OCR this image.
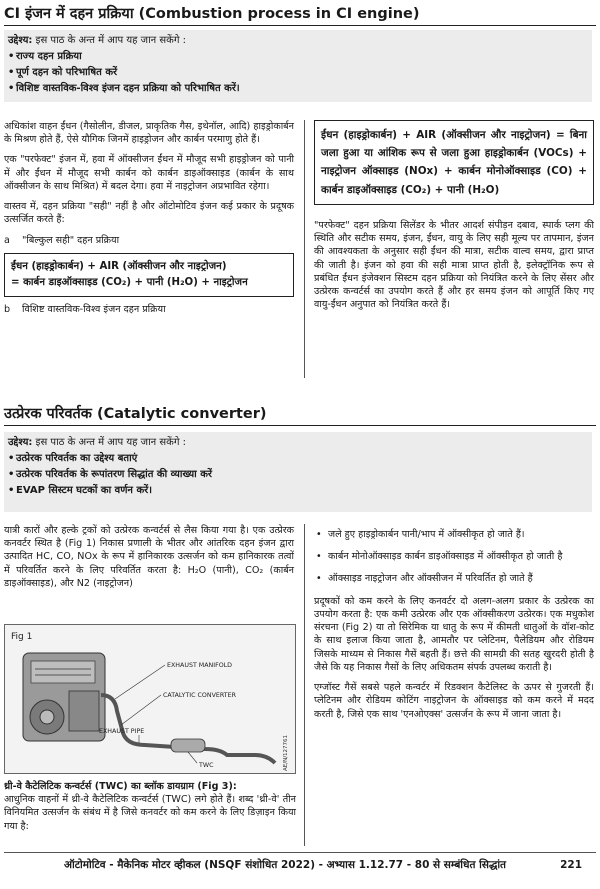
CI इंजन में दहन प्रक्रिया (Combustion process in CI engine)
उद्देश्य: इस पाठ के अन्त में आप यह जान सकेंगे :
• राज्य दहन प्रक्रिया
• पूर्ण दहन को परिभाषित करें
• विशिष्ट वास्तविक-विश्व इंजन दहन प्रक्रिया को परिभाषित करें।

अधिकांश वाहन ईंधन (गैसोलीन, डीजल, प्राकृतिक गैस, इथेनॉल, आदि) हाइड्रोकार्बन के मिश्रण होते हैं, ऐसे यौगिक जिनमें हाइड्रोजन और कार्बन परमाणु होते हैं।

एक "परफेक्ट" इंजन में, हवा में ऑक्सीजन ईंधन में मौजूद सभी हाइड्रोजन को पानी में और ईंधन में मौजूद सभी कार्बन को कार्बन डाइऑक्साइड (कार्बन के साथ ऑक्सीजन के साथ मिश्रित) में बदल देगा। हवा में नाइट्रोजन अप्रभावित रहेगा।

वास्तव में, दहन प्रक्रिया "सही" नहीं है और ऑटोमोटिव इंजन कई प्रकार के प्रदूषक उत्सर्जित करते हैं:

a "बिल्कुल सही" दहन प्रक्रिया
ईंधन (हाइड्रोकार्बन) + AIR (ऑक्सीजन और नाइट्रोजन)
= कार्बन डाइऑक्साइड (CO₂) + पानी (H₂O) + नाइट्रोजन
b विशिष्ट वास्तविक-विश्व इंजन दहन प्रक्रिया
ईंधन (हाइड्रोकार्बन) + AIR (ऑक्सीजन और नाइट्रोजन) = बिना जला हुआ या आंशिक रूप से जला हुआ हाइड्रोकार्बन (VOCs) + नाइट्रोजन ऑक्साइड (NOx) + कार्बन मोनोऑक्साइड (CO) + कार्बन डाइऑक्साइड (CO₂) + पानी (H₂O)

"परफेक्ट" दहन प्रक्रिया सिलेंडर के भीतर आदर्श संपीड़न दबाव, स्पार्क प्लग की स्थिति और सटीक समय, इंजन, ईंधन, वायु के लिए सही मूल्य पर तापमान, इंजन की आवश्यकता के अनुसार सही ईंधन की मात्रा, सटीक वाल्व समय, द्वारा प्राप्त की जाती है। इंजन को हवा की सही मात्रा प्राप्त होती है, इलेक्ट्रॉनिक रूप से प्रबंधित ईंधन इंजेक्शन सिस्टम दहन प्रक्रिया को नियंत्रित करने के लिए सेंसर और उत्प्रेरक कन्वर्टर्स का उपयोग करते हैं और हर समय इंजन को आपूर्ति किए गए वायु-ईंधन अनुपात को नियंत्रित करते हैं।

उत्प्रेरक परिवर्तक (Catalytic converter)
उद्देश्य: इस पाठ के अन्त में आप यह जान सकेंगे :
• उत्प्रेरक परिवर्तक का उद्देश्य बताएं
• उत्प्रेरक परिवर्तक के रूपांतरण सिद्धांत की व्याख्या करें
• EVAP सिस्टम घटकों का वर्णन करें।

यात्री कारों और हल्के ट्रकों को उत्प्रेरक कन्वर्टर्स से लैस किया गया है। एक उत्प्रेरक कनवर्टर स्थित है (Fig 1) निकास प्रणाली के भीतर और आंतरिक दहन इंजन द्वारा उत्पादित HC, CO, NOx के रूप में हानिकारक उत्सर्जन को कम हानिकारक तत्वों में परिवर्तित करने के लिए परिवर्तित करता है: H₂O (पानी), CO₂ (कार्बन डाइऑक्साइड), और N2 (नाइट्रोजन)

Fig 1
EXHAUST MANIFOLD
CATALYTIC CONVERTER
EXHAUST PIPE
TWC	AE/N/127761
थ्री-वे कैटेलिटिक कन्वर्टर्स (TWC) का ब्लॉक डायग्राम (Fig 3):

आधुनिक वाहनों में थ्री-वे कैटेलिटिक कन्वर्टर्स (TWC) लगे होते हैं। शब्द 'थ्री-वे' तीन विनियमित उत्सर्जन के संबंध में है जिसे कनवर्टर को कम करने के लिए डिज़ाइन किया गया है:

• जले हुए हाइड्रोकार्बन पानी/भाप में ऑक्सीकृत हो जाते हैं।
• कार्बन मोनोऑक्साइड कार्बन डाइऑक्साइड में ऑक्सीकृत हो जाती है
• ऑक्साइड नाइट्रोजन और ऑक्सीजन में परिवर्तित हो जाते हैं

प्रदूषकों को कम करने के लिए कनवर्टर दो अलग-अलग प्रकार के उत्प्रेरक का उपयोग करता है: एक कमी उत्प्रेरक और एक ऑक्सीकरण उत्प्रेरक। एक मधुकोश संरचना (Fig 2) या तो सिरेमिक या धातु के रूप में कीमती धातुओं के वॉश-कोट के साथ इलाज किया जाता है, आमतौर पर प्लेटिनम, पैलेडियम और रोडियम जिसके माध्यम से निकास गैसें बहती हैं। छत्ते की सामग्री की सतह खुरदरी होती है जैसे कि यह निकास गैसों के लिए अधिकतम संपर्क उपलब्ध कराती है।

एग्जॉस्ट गैसें सबसे पहले कन्वर्टर में रिडक्शन कैटेलिस्ट के ऊपर से गुजरती हैं। प्लेटिनम और रोडियम कोटिंग नाइट्रोजन के ऑक्साइड को कम करने में मदद करती है, जिसे एक साथ 'एनओएक्स' उत्सर्जन के रूप में जाना जाता है।

ऑटोमोटिव - मैकेनिक मोटर व्हीकल (NSQF संशोधित 2022) - अभ्यास 1.12.77 - 80 से सम्बंधित सिद्धांत	221
